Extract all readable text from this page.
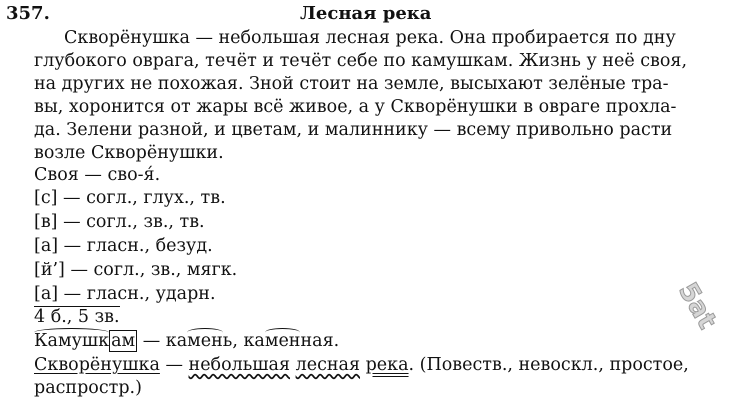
357.	Лесная река
Скворёнушка — небольшая лесная река. Она пробирается по дну
глубокого оврага, течёт и течёт себе по камушкам. Жизнь у неё своя,
на других не похожая. Зной стоит на земле, высыхают зелёные тра-
вы, хоронится от жары всё живое, а у Скворёнушки в овраге прохла-
да. Зелени разной, и цветам, и малиннику — всему привольно расти
возле Скворёнушки.
Своя — сво-я́.
[с] — согл., глух., тв.
[в] — согл., зв., тв.
[а] — гласн., безуд.
[й’] — согл., зв., мягк.
[а] — гласн., ударн.
4 б., 5 зв.
Камушк ам — камень, каменная.
Скворёнушка — небольшая лесная река. (Повеств., невоскл., простое,
распростр.)
5at
